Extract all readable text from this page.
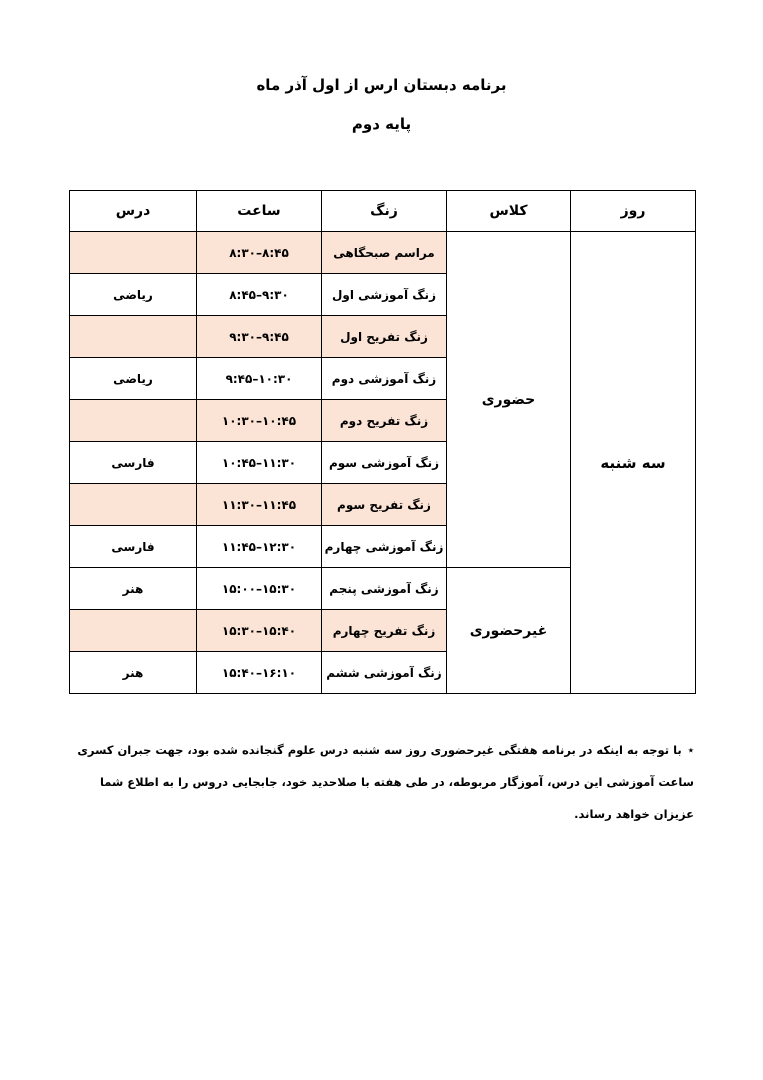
برنامه دبستان ارس از اول آذر ماه
پایه دوم
روز	کلاس	زنگ	ساعت	درس
سه شنبه	حضوری	مراسم صبحگاهی	۸:۳۰–۸:۴۵	
		زنگ آموزشی اول	۸:۴۵–۹:۳۰	ریاضی
		زنگ تفریح اول	۹:۳۰–۹:۴۵	
		زنگ آموزشی دوم	۹:۴۵–۱۰:۳۰	ریاضی
		زنگ تفریح دوم	۱۰:۳۰–۱۰:۴۵	
		زنگ آموزشی سوم	۱۰:۴۵–۱۱:۳۰	فارسی
		زنگ تفریح سوم	۱۱:۳۰–۱۱:۴۵	
		زنگ آموزشی چهارم	۱۱:۴۵–۱۲:۳۰	فارسی
	غیرحضوری	زنگ آموزشی پنجم	۱۵:۰۰–۱۵:۳۰	هنر
		زنگ تفریح چهارم	۱۵:۳۰–۱۵:۴۰	
		زنگ آموزشی ششم	۱۵:۴۰–۱۶:۱۰	هنر
٭با توجه به اینکه در برنامه هفتگی غیرحضوری روز سه شنبه درس علوم گنجانده شده بود، جهت جبران کسری ساعت آموزشی این درس، آموزگار مربوطه، در طی هفته با صلاحدید خود، جابجایی دروس را به اطلاع شما عزیزان خواهد رساند.
